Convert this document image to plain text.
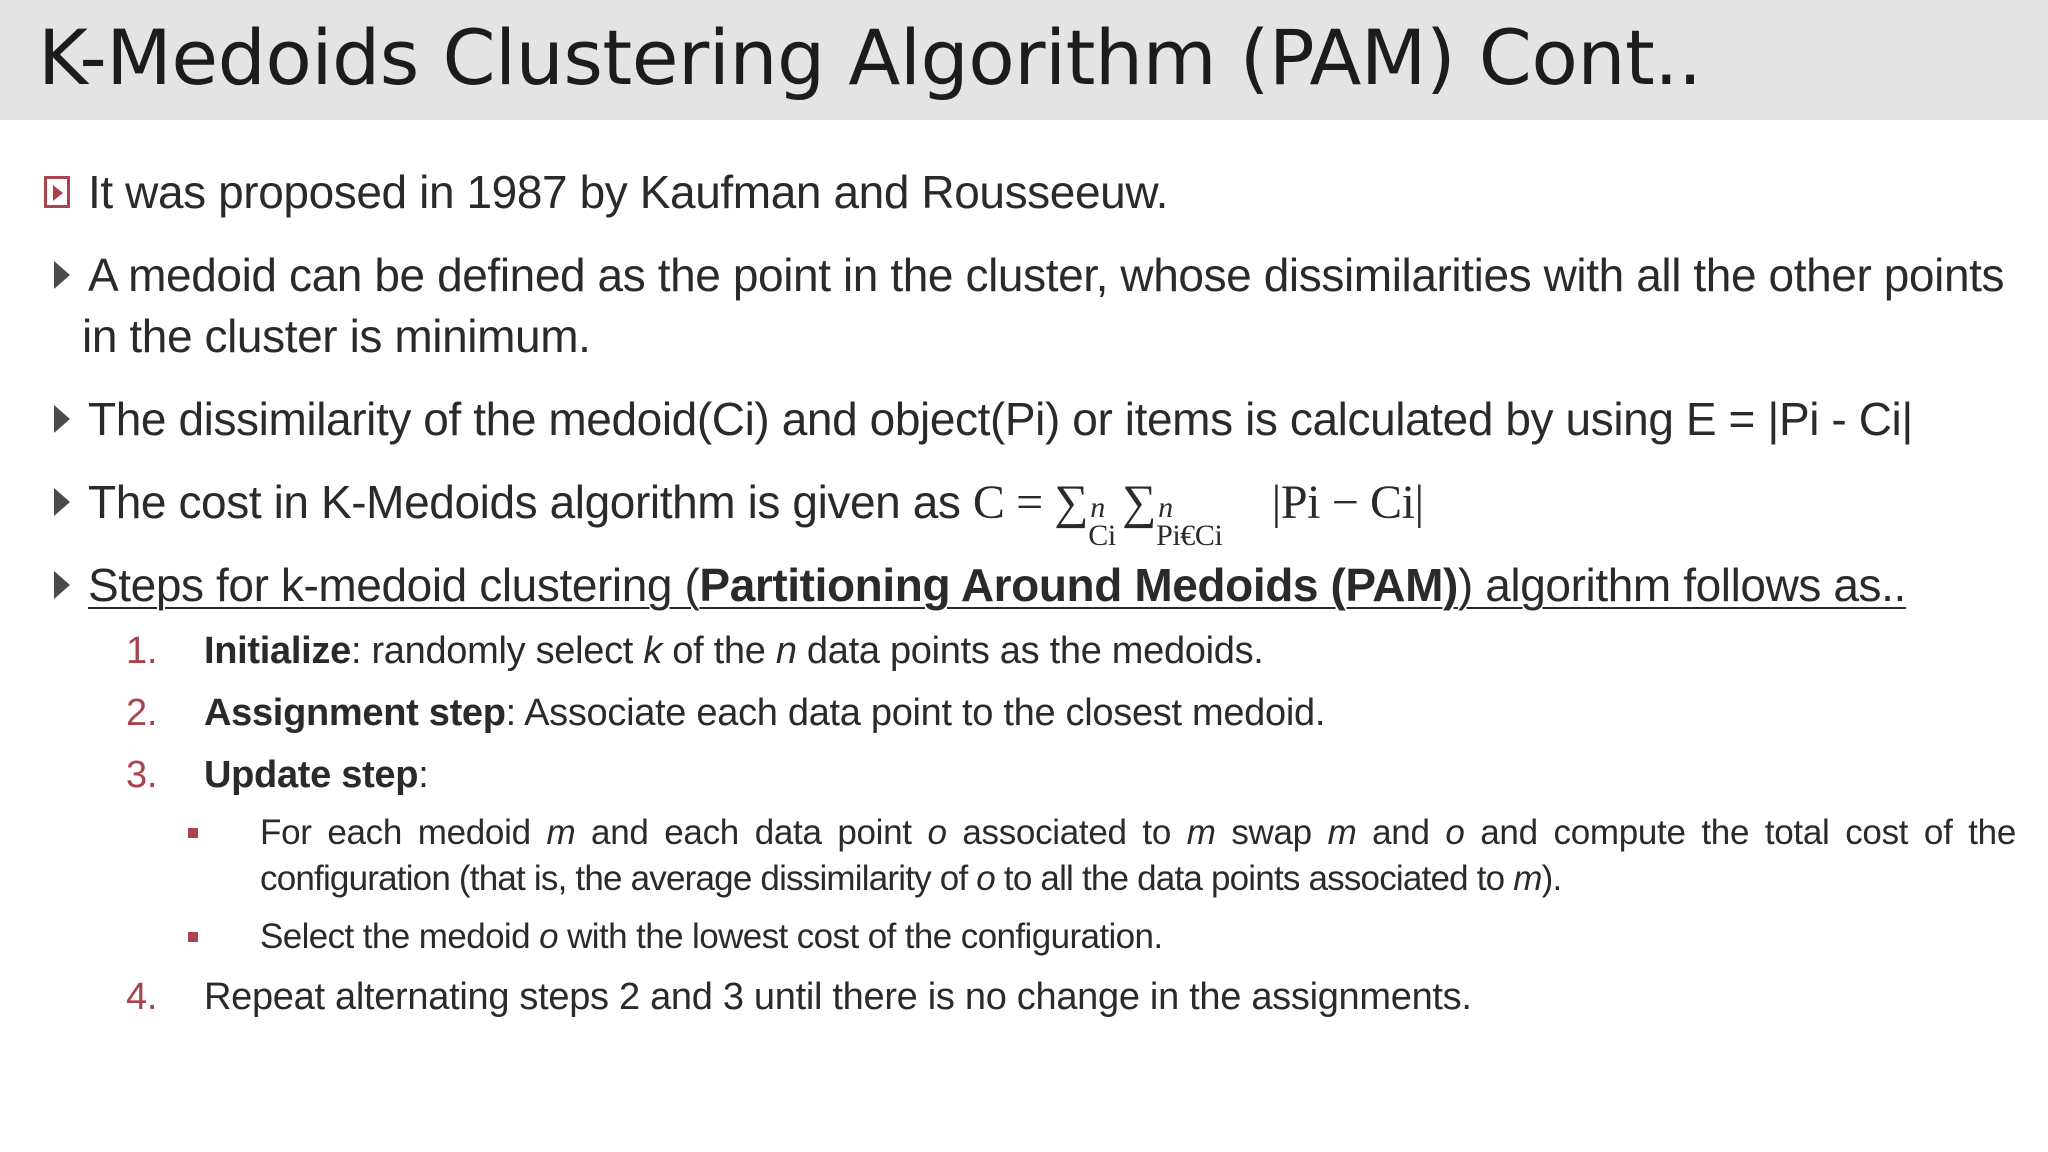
K-Medoids Clustering Algorithm (PAM) Cont..
It was proposed in 1987 by Kaufman and Rousseeuw.
A medoid can be defined as the point in the cluster, whose dissimilarities with all the other points
in the cluster is minimum.
The dissimilarity of the medoid(Ci) and object(Pi) or items is calculated by using E = |Pi - Ci|
The cost in K-Medoids algorithm is given as C = ∑ n
Ci
∑ n
Pi€Ci
|Pi − Ci|
Steps for k-medoid clustering (Partitioning Around Medoids (PAM)) algorithm follows as..
1. Initialize: randomly select k of the n data points as the medoids.
2. Assignment step: Associate each data point to the closest medoid.
3. Update step:
For each medoid m and each data point o associated to m swap m and o and compute the total cost of the
configuration (that is, the average dissimilarity of o to all the data points associated to m).
Select the medoid o with the lowest cost of the configuration.
4. Repeat alternating steps 2 and 3 until there is no change in the assignments.
